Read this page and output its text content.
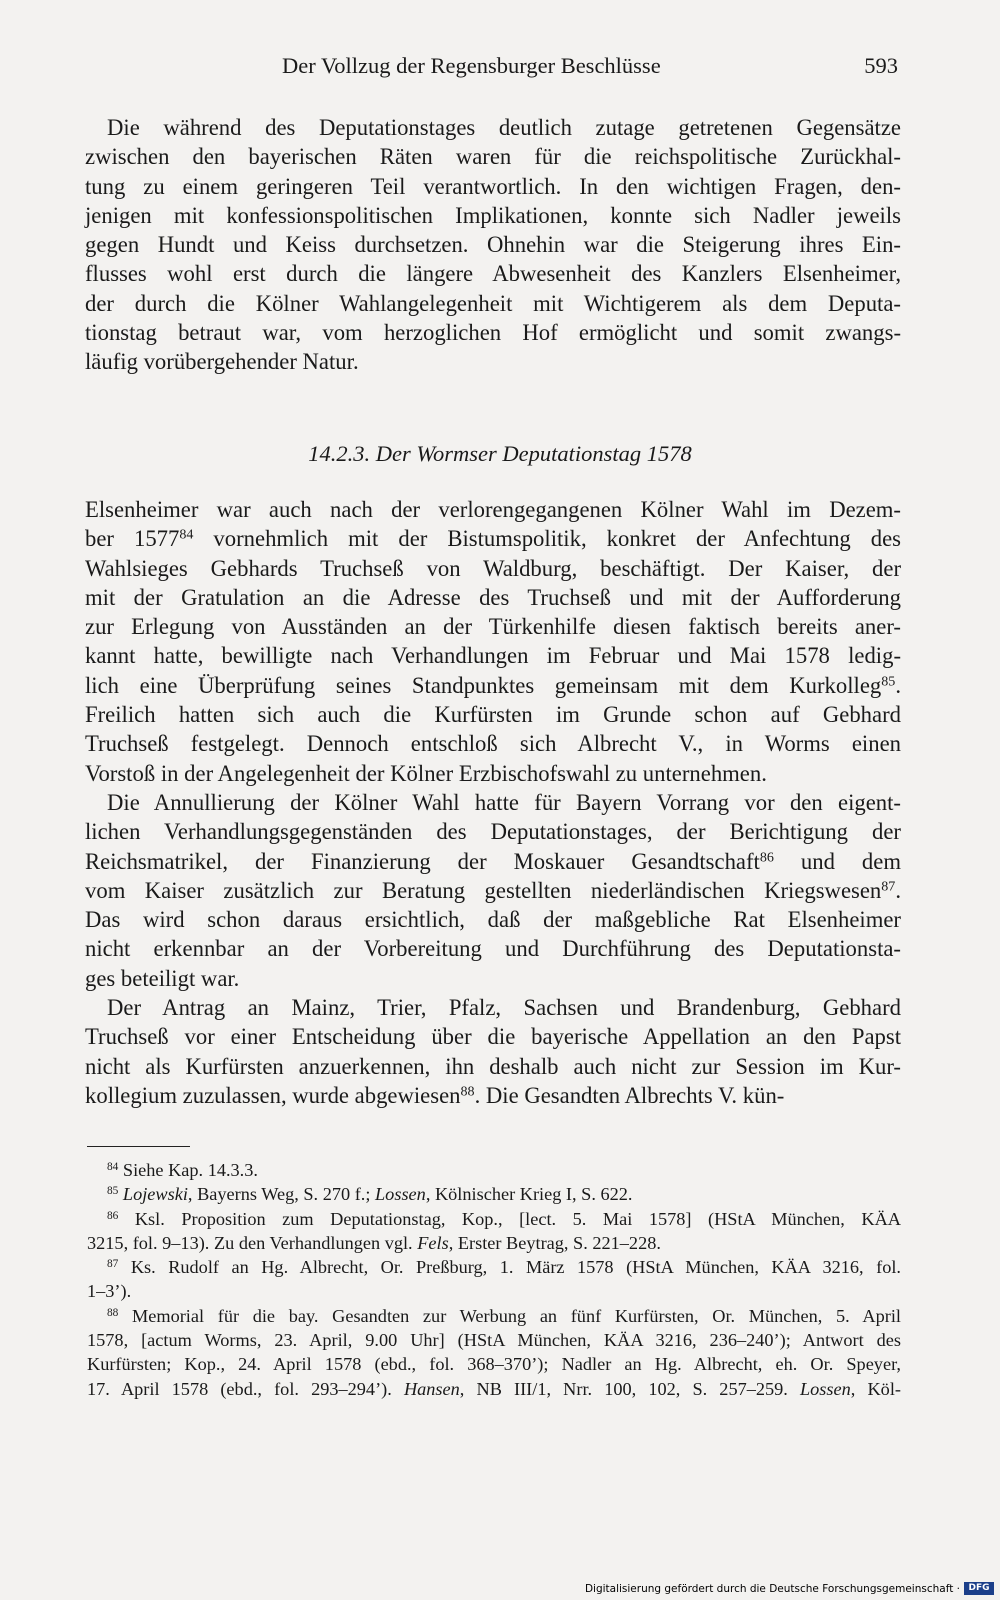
Der Vollzug der Regensburger Beschlüsse	593
Die während des Deputationstages deutlich zutage getretenen Gegensätze
zwischen den bayerischen Räten waren für die reichspolitische Zurückhal-
tung zu einem geringeren Teil verantwortlich. In den wichtigen Fragen, den-
jenigen mit konfessionspolitischen Implikationen, konnte sich Nadler jeweils
gegen Hundt und Keiss durchsetzen. Ohnehin war die Steigerung ihres Ein-
flusses wohl erst durch die längere Abwesenheit des Kanzlers Elsenheimer,
der durch die Kölner Wahlangelegenheit mit Wichtigerem als dem Deputa-
tionstag betraut war, vom herzoglichen Hof ermöglicht und somit zwangs-
läufig vorübergehender Natur.
14.2.3. Der Wormser Deputationstag 1578
Elsenheimer war auch nach der verlorengegangenen Kölner Wahl im Dezem-
ber 1577$^{84}$ vornehmlich mit der Bistumspolitik, konkret der Anfechtung des
Wahlsieges Gebhards Truchseß von Waldburg, beschäftigt. Der Kaiser, der
mit der Gratulation an die Adresse des Truchseß und mit der Aufforderung
zur Erlegung von Ausständen an der Türkenhilfe diesen faktisch bereits aner-
kannt hatte, bewilligte nach Verhandlungen im Februar und Mai 1578 ledig-
lich eine Überprüfung seines Standpunktes gemeinsam mit dem Kurkolleg$^{85}$.
Freilich hatten sich auch die Kurfürsten im Grunde schon auf Gebhard
Truchseß festgelegt. Dennoch entschloß sich Albrecht V., in Worms einen
Vorstoß in der Angelegenheit der Kölner Erzbischofswahl zu unternehmen.
Die Annullierung der Kölner Wahl hatte für Bayern Vorrang vor den eigent-
lichen Verhandlungsgegenständen des Deputationstages, der Berichtigung der
Reichsmatrikel, der Finanzierung der Moskauer Gesandtschaft$^{86}$ und dem
vom Kaiser zusätzlich zur Beratung gestellten niederländischen Kriegswesen$^{87}$.
Das wird schon daraus ersichtlich, daß der maßgebliche Rat Elsenheimer
nicht erkennbar an der Vorbereitung und Durchführung des Deputationsta-
ges beteiligt war.
Der Antrag an Mainz, Trier, Pfalz, Sachsen und Brandenburg, Gebhard
Truchseß vor einer Entscheidung über die bayerische Appellation an den Papst
nicht als Kurfürsten anzuerkennen, ihn deshalb auch nicht zur Session im Kur-
kollegium zuzulassen, wurde abgewiesen$^{88}$. Die Gesandten Albrechts V. kün-
$^{84}$ Siehe Kap. 14.3.3.
$^{85}$ Lojewski, Bayerns Weg, S. 270 f.; Lossen, Kölnischer Krieg I, S. 622.
$^{86}$ Ksl. Proposition zum Deputationstag, Kop., [lect. 5. Mai 1578] (HStA München, KÄA
3215, fol. 9–13). Zu den Verhandlungen vgl. Fels, Erster Beytrag, S. 221–228.
$^{87}$ Ks. Rudolf an Hg. Albrecht, Or. Preßburg, 1. März 1578 (HStA München, KÄA 3216, fol.
1–3’).
$^{88}$ Memorial für die bay. Gesandten zur Werbung an fünf Kurfürsten, Or. München, 5. April
1578, [actum Worms, 23. April, 9.00 Uhr] (HStA München, KÄA 3216, 236–240’); Antwort des
Kurfürsten; Kop., 24. April 1578 (ebd., fol. 368–370’); Nadler an Hg. Albrecht, eh. Or. Speyer,
17. April 1578 (ebd., fol. 293–294’). Hansen, NB III/1, Nrr. 100, 102, S. 257–259. Lossen, Köl-
Digitalisierung gefördert durch die Deutsche Forschungsgemeinschaft · DFG
